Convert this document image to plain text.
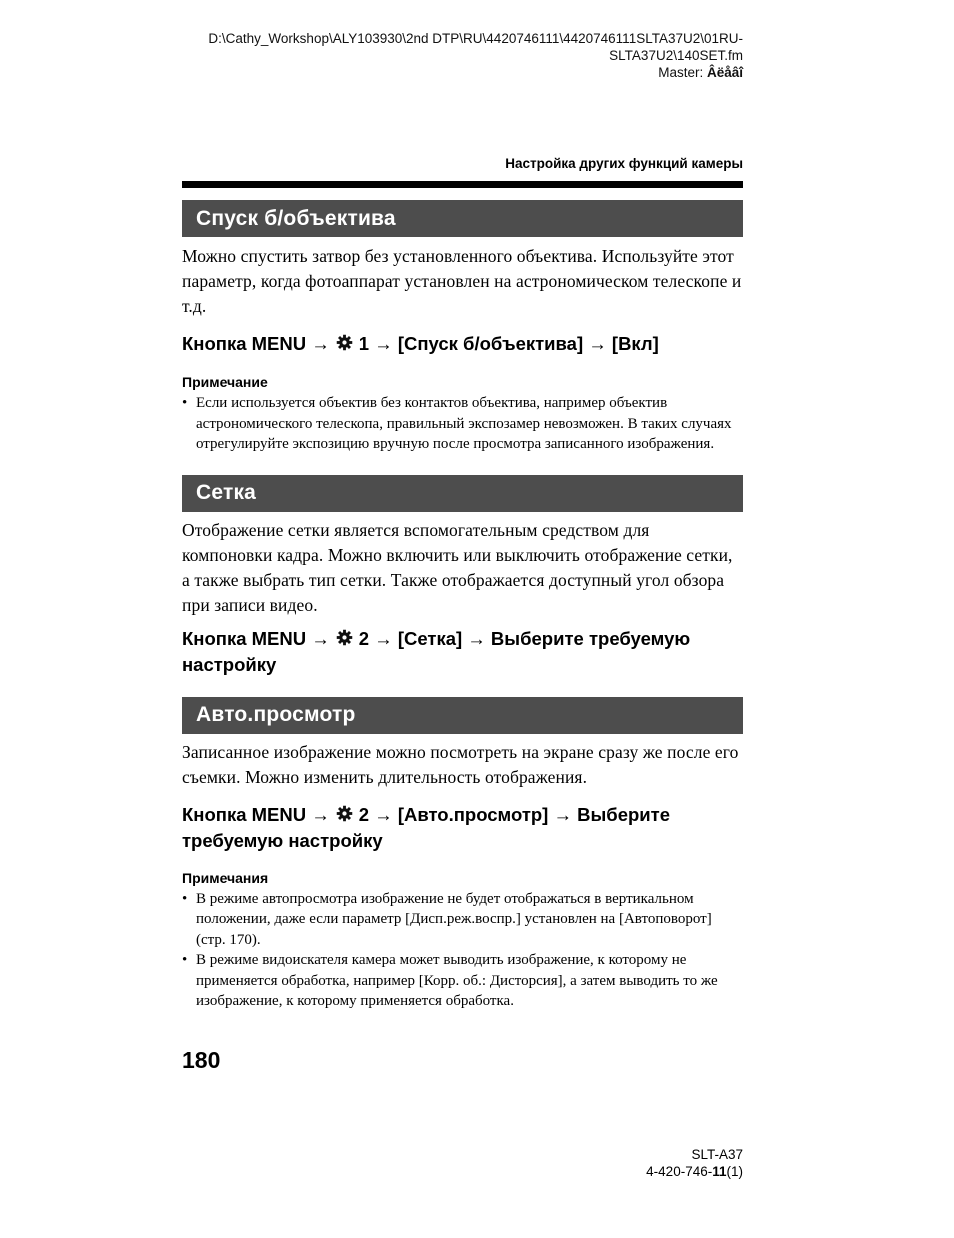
D:\Cathy_Workshop\ALY103930\2nd DTP\RU\4420746111\4420746111SLTA37U2\01RU-
SLTA37U2\140SET.fm
Master: Âëåâî
Настройка других функций камеры
Спуск б/объектива
Можно спустить затвор без установленного объектива. Используйте этот параметр, когда фотоаппарат установлен на астрономическом телескопе и т.д.
Кнопка MENU → 1 → [Спуск б/объектива] → [Вкл]
Примечание
• Если используется объектив без контактов объектива, например объектив астрономического телескопа, правильный экспозамер невозможен. В таких случаях отрегулируйте экспозицию вручную после просмотра записанного изображения.
Сетка
Отображение сетки является вспомогательным средством для компоновки кадра. Можно включить или выключить отображение сетки, а также выбрать тип сетки. Также отображается доступный угол обзора при записи видео.
Кнопка MENU → 2 → [Сетка] → Выберите требуемую настройку
Авто.просмотр
Записанное изображение можно посмотреть на экране сразу же после его съемки. Можно изменить длительность отображения.
Кнопка MENU → 2 → [Авто.просмотр] → Выберите требуемую настройку
Примечания
• В режиме автопросмотра изображение не будет отображаться в вертикальном положении, даже если параметр [Дисп.реж.воспр.] установлен на [Автоповорот] (стр. 170).
• В режиме видоискателя камера может выводить изображение, к которому не применяется обработка, например [Корр. об.: Дисторсия], а затем выводить то же изображение, к которому применяется обработка.
180
SLT-A37
4-420-746-11(1)
